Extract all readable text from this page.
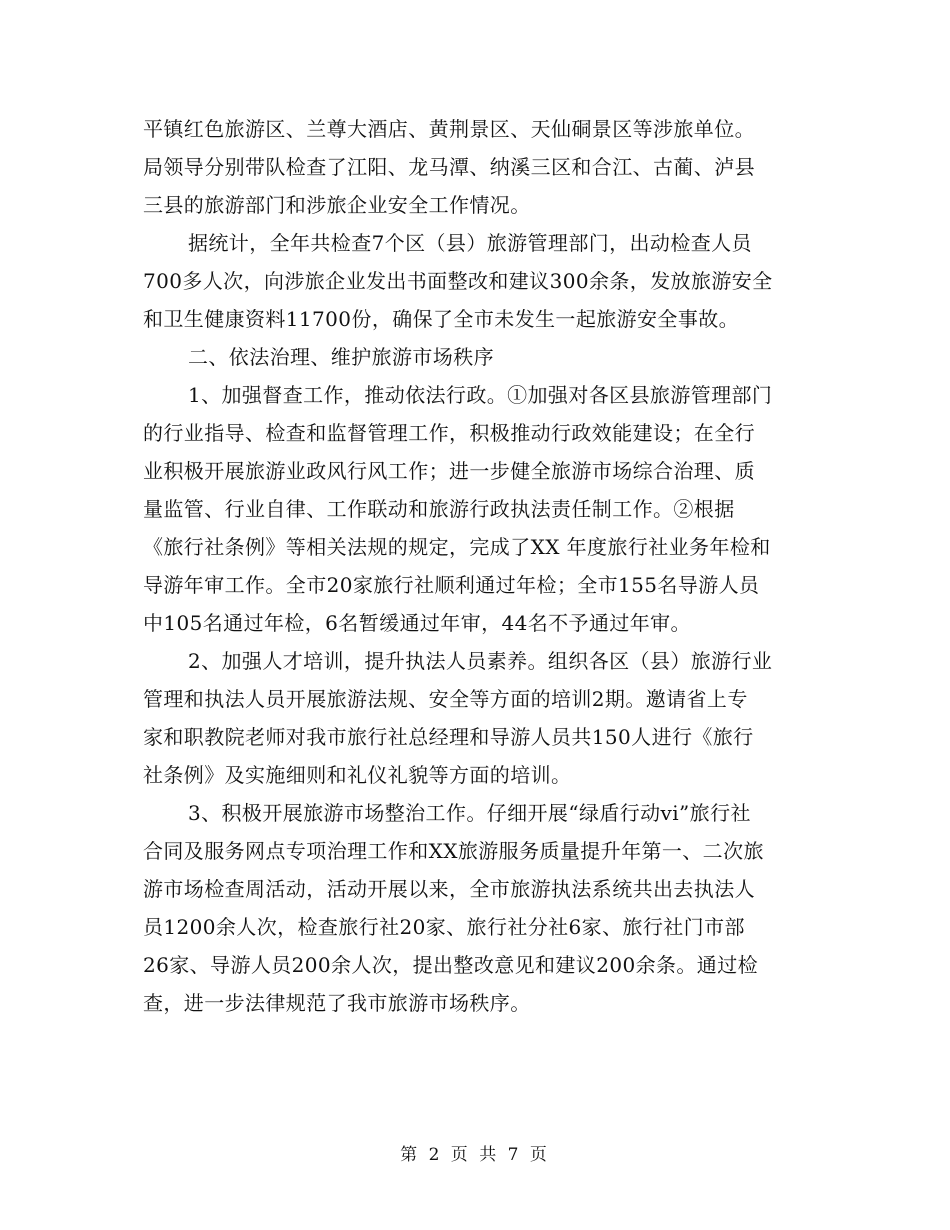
平镇红色旅游区、兰尊大酒店、黄荆景区、天仙硐景区等涉旅单位。
局领导分别带队检查了江阳、龙马潭、纳溪三区和合江、古蔺、泸县
三县的旅游部门和涉旅企业安全工作情况。
据统计，全年共检查7个区（县）旅游管理部门，出动检查人员
700多人次，向涉旅企业发出书面整改和建议300余条，发放旅游安全
和卫生健康资料11700份，确保了全市未发生一起旅游安全事故。
二、依法治理、维护旅游市场秩序
1、加强督查工作，推动依法行政。①加强对各区县旅游管理部门
的行业指导、检查和监督管理工作，积极推动行政效能建设；在全行
业积极开展旅游业政风行风工作；进一步健全旅游市场综合治理、质
量监管、行业自律、工作联动和旅游行政执法责任制工作。②根据
《旅行社条例》等相关法规的规定，完成了XX 年度旅行社业务年检和
导游年审工作。全市20家旅行社顺利通过年检；全市155名导游人员
中105名通过年检，6名暂缓通过年审，44名不予通过年审。
2、加强人才培训，提升执法人员素养。组织各区（县）旅游行业
管理和执法人员开展旅游法规、安全等方面的培训2期。邀请省上专
家和职教院老师对我市旅行社总经理和导游人员共150人进行《旅行
社条例》及实施细则和礼仪礼貌等方面的培训。
3、积极开展旅游市场整治工作。仔细开展“绿盾行动vi”旅行社
合同及服务网点专项治理工作和XX旅游服务质量提升年第一、二次旅
游市场检查周活动，活动开展以来，全市旅游执法系统共出去执法人
员1200余人次，检查旅行社20家、旅行社分社6家、旅行社门市部
26家、导游人员200余人次，提出整改意见和建议200余条。通过检
查，进一步法律规范了我市旅游市场秩序。
第 2 页 共 7 页
